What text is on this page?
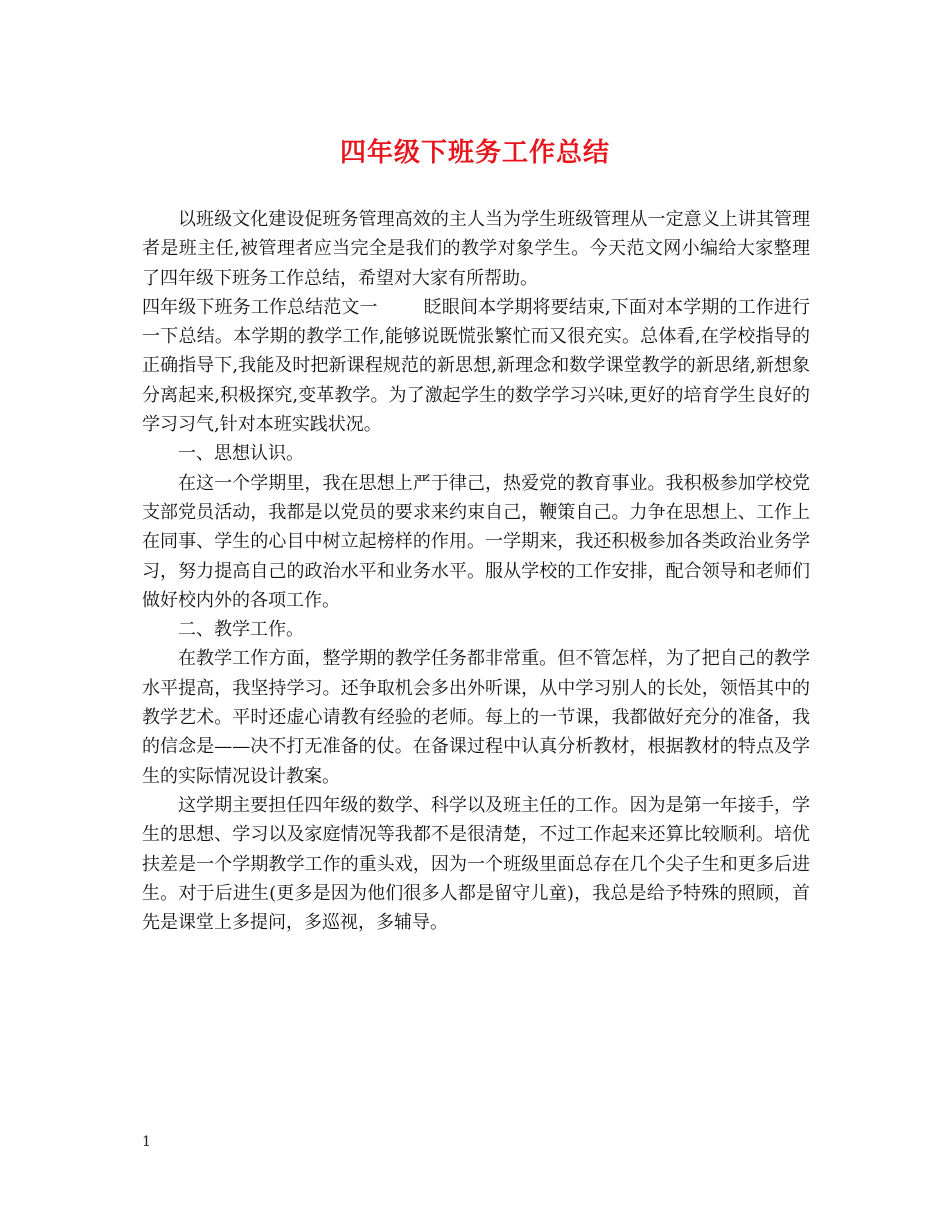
四年级下班务工作总结

以班级文化建设促班务管理高效的主人当为学生班级管理从一定意义上讲其管理者是班主任,被管理者应当完全是我们的教学对象学生。今天范文网小编给大家整理了四年级下班务工作总结，希望对大家有所帮助。

四年级下班务工作总结范文一	眨眼间本学期将要结束,下面对本学期的工作进行一下总结。本学期的教学工作,能够说既慌张繁忙而又很充实。总体看,在学校指导的正确指导下,我能及时把新课程规范的新思想,新理念和数学课堂教学的新思绪,新想象分离起来,积极探究,变革教学。为了激起学生的数学学习兴味,更好的培育学生良好的学习习气,针对本班实践状况。

一、思想认识。

在这一个学期里，我在思想上严于律己，热爱党的教育事业。我积极参加学校党支部党员活动，我都是以党员的要求来约束自己，鞭策自己。力争在思想上、工作上在同事、学生的心目中树立起榜样的作用。一学期来，我还积极参加各类政治业务学习，努力提高自己的政治水平和业务水平。服从学校的工作安排，配合领导和老师们做好校内外的各项工作。

二、教学工作。

在教学工作方面，整学期的教学任务都非常重。但不管怎样，为了把自己的教学水平提高，我坚持学习。还争取机会多出外听课，从中学习别人的长处，领悟其中的教学艺术。平时还虚心请教有经验的老师。每上的一节课，我都做好充分的准备，我的信念是——决不打无准备的仗。在备课过程中认真分析教材，根据教材的特点及学生的实际情况设计教案。

这学期主要担任四年级的数学、科学以及班主任的工作。因为是第一年接手，学生的思想、学习以及家庭情况等我都不是很清楚，不过工作起来还算比较顺利。培优扶差是一个学期教学工作的重头戏，因为一个班级里面总存在几个尖子生和更多后进生。对于后进生(更多是因为他们很多人都是留守儿童)，我总是给予特殊的照顾，首先是课堂上多提问，多巡视，多辅导。

1
